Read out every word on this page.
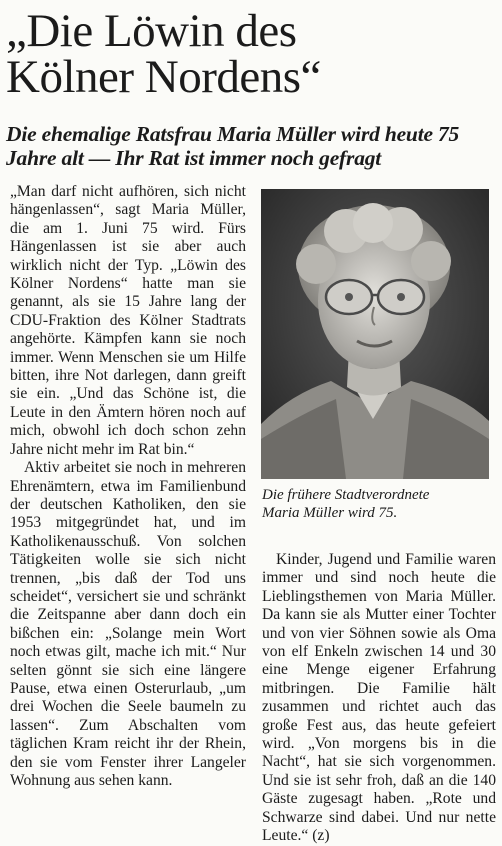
„Die Löwin des
Kölner Nordens“
Die ehemalige Ratsfrau Maria Müller wird heute 75 Jahre alt — Ihr Rat ist immer noch gefragt

„Man darf nicht aufhören, sich nicht hängenlassen“, sagt Maria Müller, die am 1. Juni 75 wird. Fürs Hängenlassen ist sie aber auch wirklich nicht der Typ. „Löwin des Kölner Nordens“ hatte man sie genannt, als sie 15 Jahre lang der CDU-Fraktion des Kölner Stadtrats angehörte. Kämpfen kann sie noch immer. Wenn Menschen sie um Hilfe bitten, ihre Not darlegen, dann greift sie ein. „Und das Schöne ist, die Leute in den Ämtern hören noch auf mich, obwohl ich doch schon zehn Jahre nicht mehr im Rat bin.“

Aktiv arbeitet sie noch in mehreren Ehrenämtern, etwa im Familienbund der deutschen Katholiken, den sie 1953 mitgegründet hat, und im Katholikenausschuß. Von solchen Tätigkeiten wolle sie sich nicht trennen, „bis daß der Tod uns scheidet“, versichert sie und schränkt die Zeitspanne aber dann doch ein bißchen ein: „Solange mein Wort noch etwas gilt, mache ich mit.“ Nur selten gönnt sie sich eine längere Pause, etwa einen Osterurlaub, „um drei Wochen die Seele baumeln zu lassen“. Zum Abschalten vom täglichen Kram reicht ihr der Rhein, den sie vom Fenster ihrer Langeler Wohnung aus sehen kann.

Die frühere Stadtverordnete
Maria Müller wird 75.

Kinder, Jugend und Familie waren immer und sind noch heute die Lieblingsthemen von Maria Müller. Da kann sie als Mutter einer Tochter und von vier Söhnen sowie als Oma von elf Enkeln zwischen 14 und 30 eine Menge eigener Erfahrung mitbringen. Die Familie hält zusammen und richtet auch das große Fest aus, das heute gefeiert wird. „Von morgens bis in die Nacht“, hat sie sich vorgenommen. Und sie ist sehr froh, daß an die 140 Gäste zugesagt haben. „Rote und Schwarze sind dabei. Und nur nette Leute.“ (z)
